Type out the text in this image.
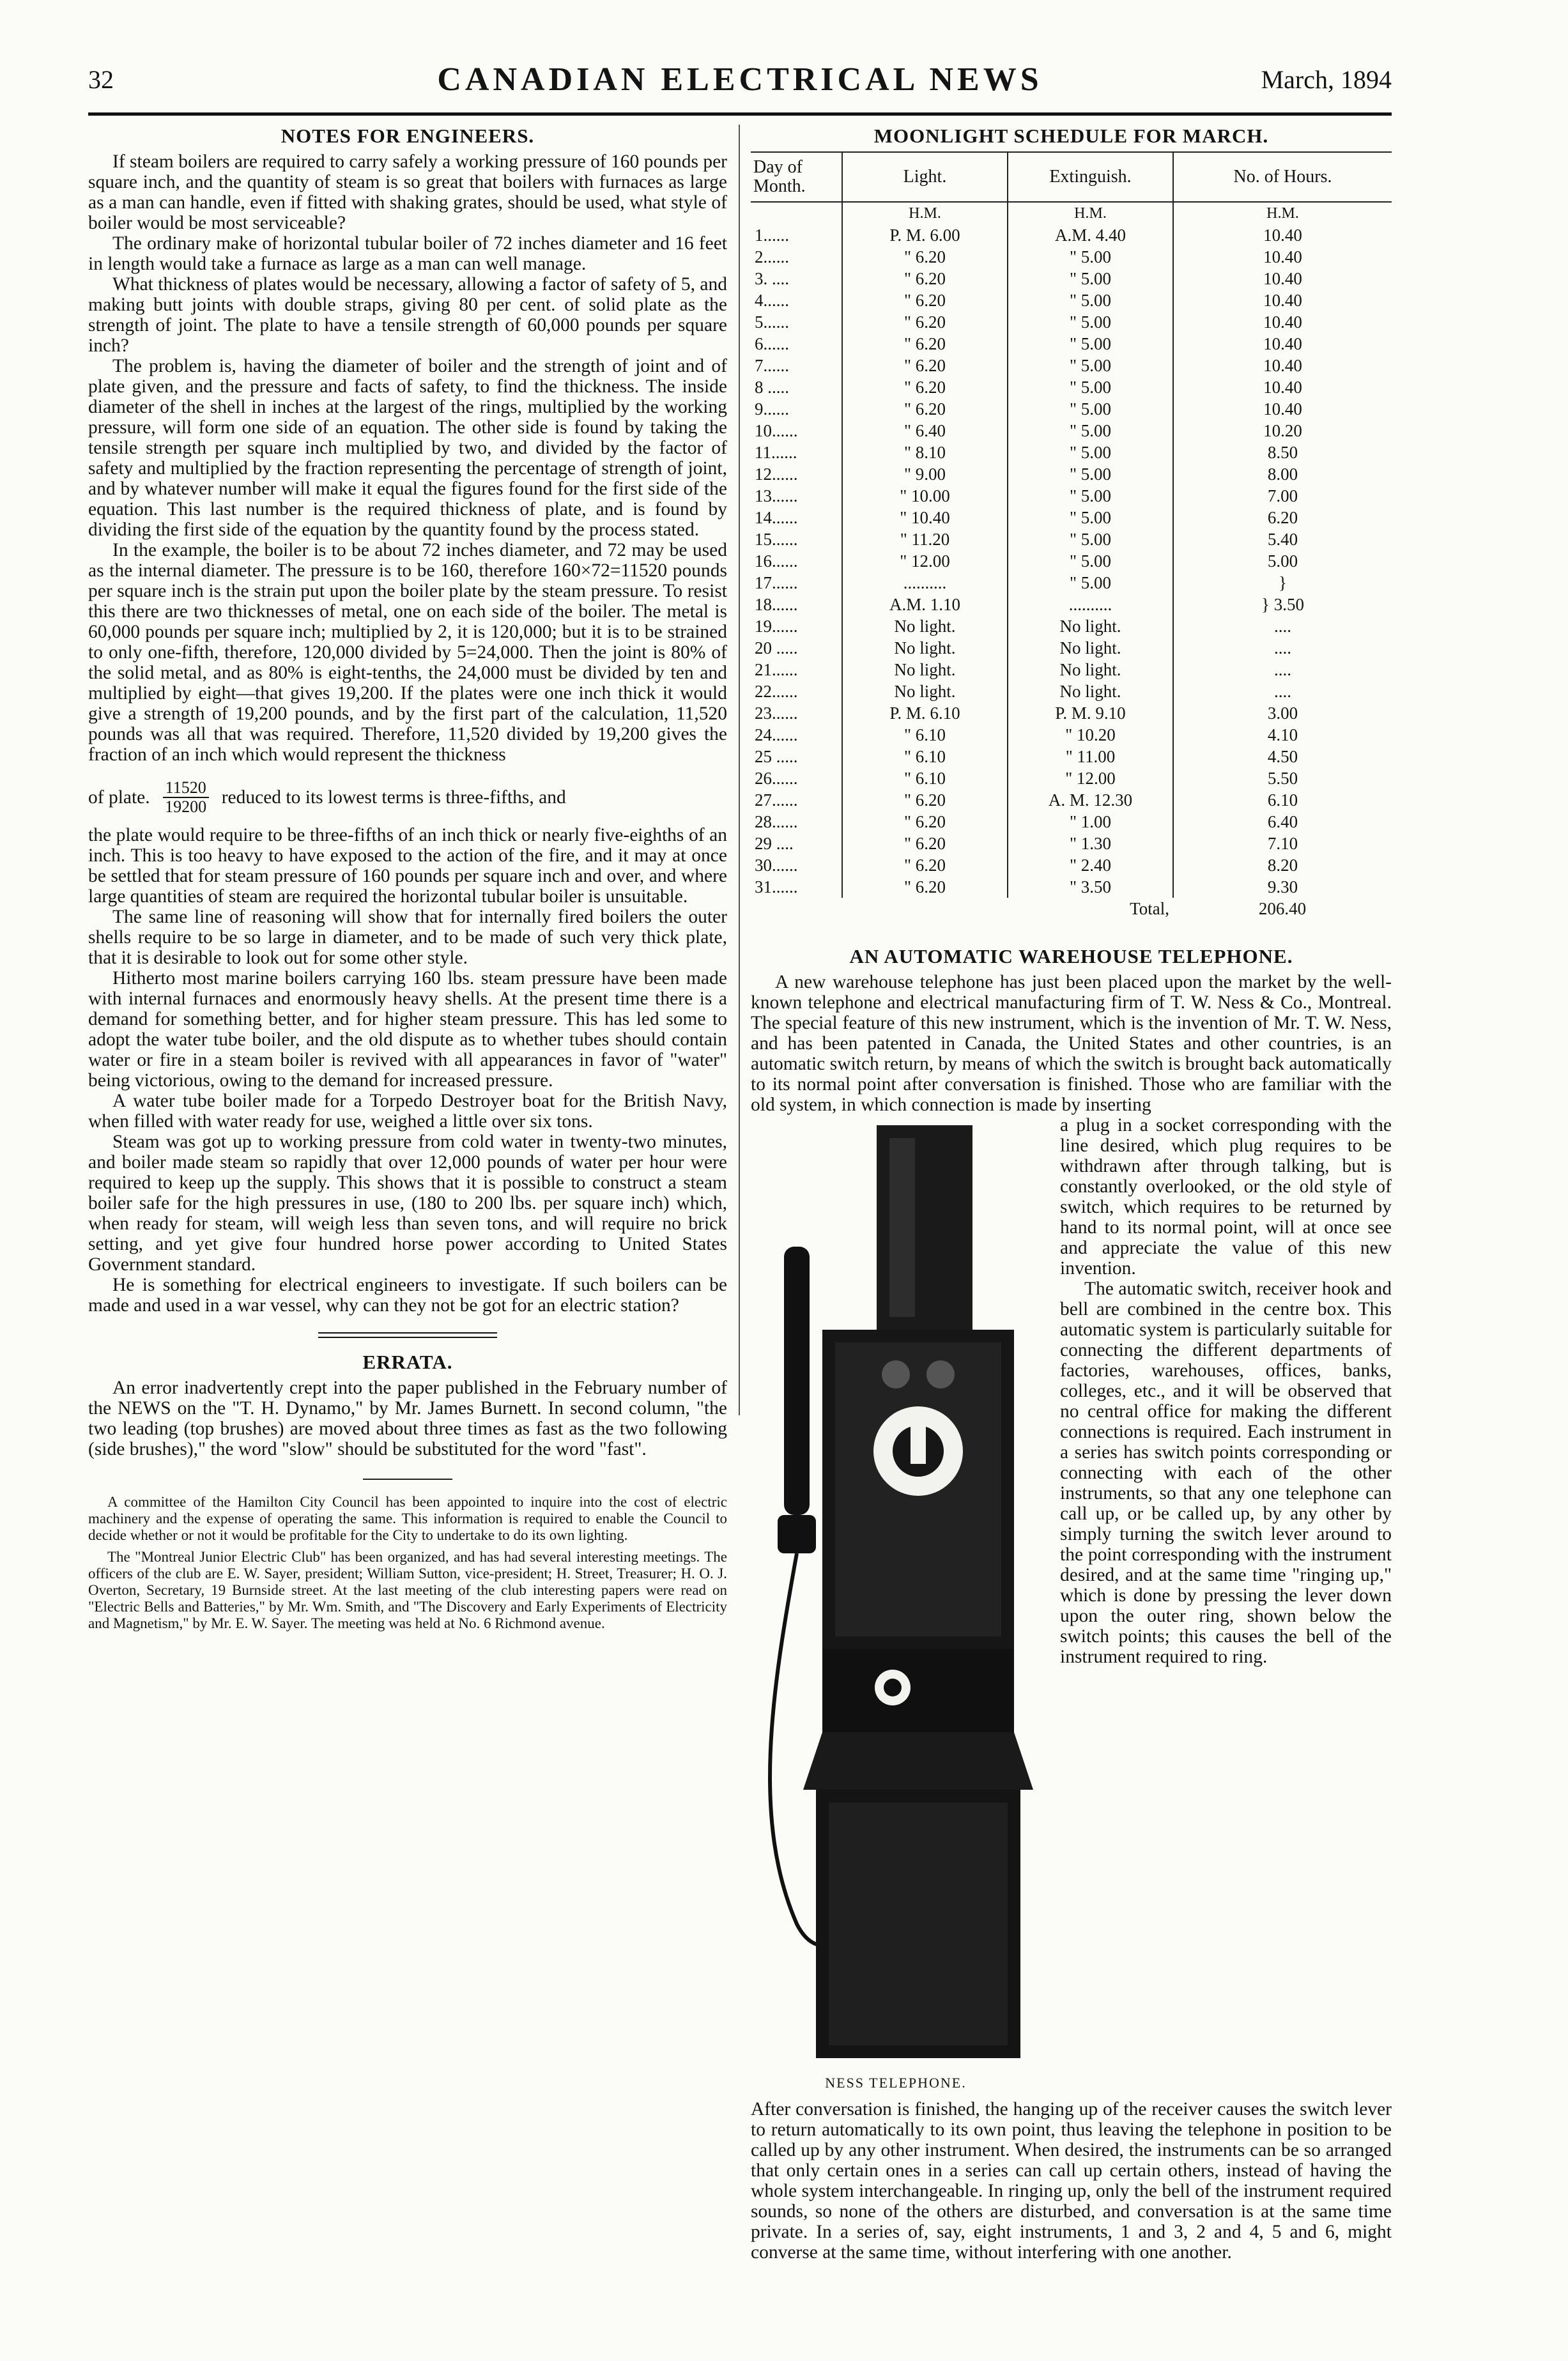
32	CANADIAN ELECTRICAL NEWS	March, 1894
NOTES FOR ENGINEERS.

If steam boilers are required to carry safely a working pressure of 160 pounds per square inch, and the quantity of steam is so great that boilers with furnaces as large as a man can handle, even if fitted with shaking grates, should be used, what style of boiler would be most serviceable?

The ordinary make of horizontal tubular boiler of 72 inches diameter and 16 feet in length would take a furnace as large as a man can well manage.

What thickness of plates would be necessary, allowing a factor of safety of 5, and making butt joints with double straps, giving 80 per cent. of solid plate as the strength of joint. The plate to have a tensile strength of 60,000 pounds per square inch?

The problem is, having the diameter of boiler and the strength of joint and of plate given, and the pressure and facts of safety, to find the thickness. The inside diameter of the shell in inches at the largest of the rings, multiplied by the working pressure, will form one side of an equation. The other side is found by taking the tensile strength per square inch multiplied by two, and divided by the factor of safety and multiplied by the fraction representing the percentage of strength of joint, and by whatever number will make it equal the figures found for the first side of the equation. This last number is the required thickness of plate, and is found by dividing the first side of the equation by the quantity found by the process stated.

In the example, the boiler is to be about 72 inches diameter, and 72 may be used as the internal diameter. The pressure is to be 160, therefore 160×72=11520 pounds per square inch is the strain put upon the boiler plate by the steam pressure. To resist this there are two thicknesses of metal, one on each side of the boiler. The metal is 60,000 pounds per square inch; multiplied by 2, it is 120,000; but it is to be strained to only one-fifth, therefore, 120,000 divided by 5=24,000. Then the joint is 80% of the solid metal, and as 80% is eight-tenths, the 24,000 must be divided by ten and multiplied by eight—that gives 19,200. If the plates were one inch thick it would give a strength of 19,200 pounds, and by the first part of the calculation, 11,520 pounds was all that was required. Therefore, 11,520 divided by 19,200 gives the fraction of an inch which would represent the thickness

of plate. $\frac{11520}{19200}$ reduced to its lowest terms is three-fifths, and

the plate would require to be three-fifths of an inch thick or nearly five-eighths of an inch. This is too heavy to have exposed to the action of the fire, and it may at once be settled that for steam pressure of 160 pounds per square inch and over, and where large quantities of steam are required the horizontal tubular boiler is unsuitable.

The same line of reasoning will show that for internally fired boilers the outer shells require to be so large in diameter, and to be made of such very thick plate, that it is desirable to look out for some other style.

Hitherto most marine boilers carrying 160 lbs. steam pressure have been made with internal furnaces and enormously heavy shells. At the present time there is a demand for something better, and for higher steam pressure. This has led some to adopt the water tube boiler, and the old dispute as to whether tubes should contain water or fire in a steam boiler is revived with all appearances in favor of "water" being victorious, owing to the demand for increased pressure.

A water tube boiler made for a Torpedo Destroyer boat for the British Navy, when filled with water ready for use, weighed a little over six tons.

Steam was got up to working pressure from cold water in twenty-two minutes, and boiler made steam so rapidly that over 12,000 pounds of water per hour were required to keep up the supply. This shows that it is possible to construct a steam boiler safe for the high pressures in use, (180 to 200 lbs. per square inch) which, when ready for steam, will weigh less than seven tons, and will require no brick setting, and yet give four hundred horse power according to United States Government standard.

He is something for electrical engineers to investigate. If such boilers can be made and used in a war vessel, why can they not be got for an electric station?

ERRATA.

An error inadvertently crept into the paper published in the February number of the NEWS on the "T. H. Dynamo," by Mr. James Burnett. In second column, "the two leading (top brushes) are moved about three times as fast as the two following (side brushes)," the word "slow" should be substituted for the word "fast".

A committee of the Hamilton City Council has been appointed to inquire into the cost of electric machinery and the expense of operating the same. This information is required to enable the Council to decide whether or not it would be profitable for the City to undertake to do its own lighting.

The "Montreal Junior Electric Club" has been organized, and has had several interesting meetings. The officers of the club are E. W. Sayer, president; William Sutton, vice-president; H. Street, Treasurer; H. O. J. Overton, Secretary, 19 Burnside street. At the last meeting of the club interesting papers were read on "Electric Bells and Batteries," by Mr. Wm. Smith, and "The Discovery and Early Experiments of Electricity and Magnetism," by Mr. E. W. Sayer. The meeting was held at No. 6 Richmond avenue.

MOONLIGHT SCHEDULE FOR MARCH.
Day of Month.	Light.	Extinguish.	No. of Hours.
	H.M.	H.M.	H.M.
1......	P. M. 6.00	A.M. 4.40	10.40
2......	" 6.20	" 5.00	10.40
3. ....	" 6.20	" 5.00	10.40
4......	" 6.20	" 5.00	10.40
5......	" 6.20	" 5.00	10.40
6......	" 6.20	" 5.00	10.40
7......	" 6.20	" 5.00	10.40
8 .....	" 6.20	" 5.00	10.40
9......	" 6.20	" 5.00	10.40
10......	" 6.40	" 5.00	10.20
11......	" 8.10	" 5.00	8.50
12......	" 9.00	" 5.00	8.00
13......	" 10.00	" 5.00	7.00
14......	" 10.40	" 5.00	6.20
15......	" 11.20	" 5.00	5.40
16......	" 12.00	" 5.00	5.00
17......	..........	" 5.00	}
18......	A.M. 1.10	..........	} 3.50
19......	No light.	No light.	....
20 .....	No light.	No light.	....
21......	No light.	No light.	....
22......	No light.	No light.	....
23......	P. M. 6.10	P. M. 9.10	3.00
24......	" 6.10	" 10.20	4.10
25 .....	" 6.10	" 11.00	4.50
26......	" 6.10	" 12.00	5.50
27......	" 6.20	A. M. 12.30	6.10
28......	" 6.20	" 1.00	6.40
29 ....	" 6.20	" 1.30	7.10
30......	" 6.20	" 2.40	8.20
31......	" 6.20	" 3.50	9.30
		Total,	206.40
AN AUTOMATIC WAREHOUSE TELEPHONE.

A new warehouse telephone has just been placed upon the market by the well-known telephone and electrical manufacturing firm of T. W. Ness & Co., Montreal. The special feature of this new instrument, which is the invention of Mr. T. W. Ness, and has been patented in Canada, the United States and other countries, is an automatic switch return, by means of which the switch is brought back automatically to its normal point after conversation is finished. Those who are familiar with the old system, in which connection is made by inserting

NESS TELEPHONE.

a plug in a socket corresponding with the line desired, which plug requires to be withdrawn after through talking, but is constantly overlooked, or the old style of switch, which requires to be returned by hand to its normal point, will at once see and appreciate the value of this new invention.

The automatic switch, receiver hook and bell are combined in the centre box. This automatic system is particularly suitable for connecting the different departments of factories, warehouses, offices, banks, colleges, etc., and it will be observed that no central office for making the different connections is required. Each instrument in a series has switch points corresponding or connecting with each of the other instruments, so that any one telephone can call up, or be called up, by any other by simply turning the switch lever around to the point corresponding with the instrument desired, and at the same time "ringing up," which is done by pressing the lever down upon the outer ring, shown below the switch points; this causes the bell of the instrument required to ring.

After conversation is finished, the hanging up of the receiver causes the switch lever to return automatically to its own point, thus leaving the telephone in position to be called up by any other instrument. When desired, the instruments can be so arranged that only certain ones in a series can call up certain others, instead of having the whole system interchangeable. In ringing up, only the bell of the instrument required sounds, so none of the others are disturbed, and conversation is at the same time private. In a series of, say, eight instruments, 1 and 3, 2 and 4, 5 and 6, might converse at the same time, without interfering with one another.
